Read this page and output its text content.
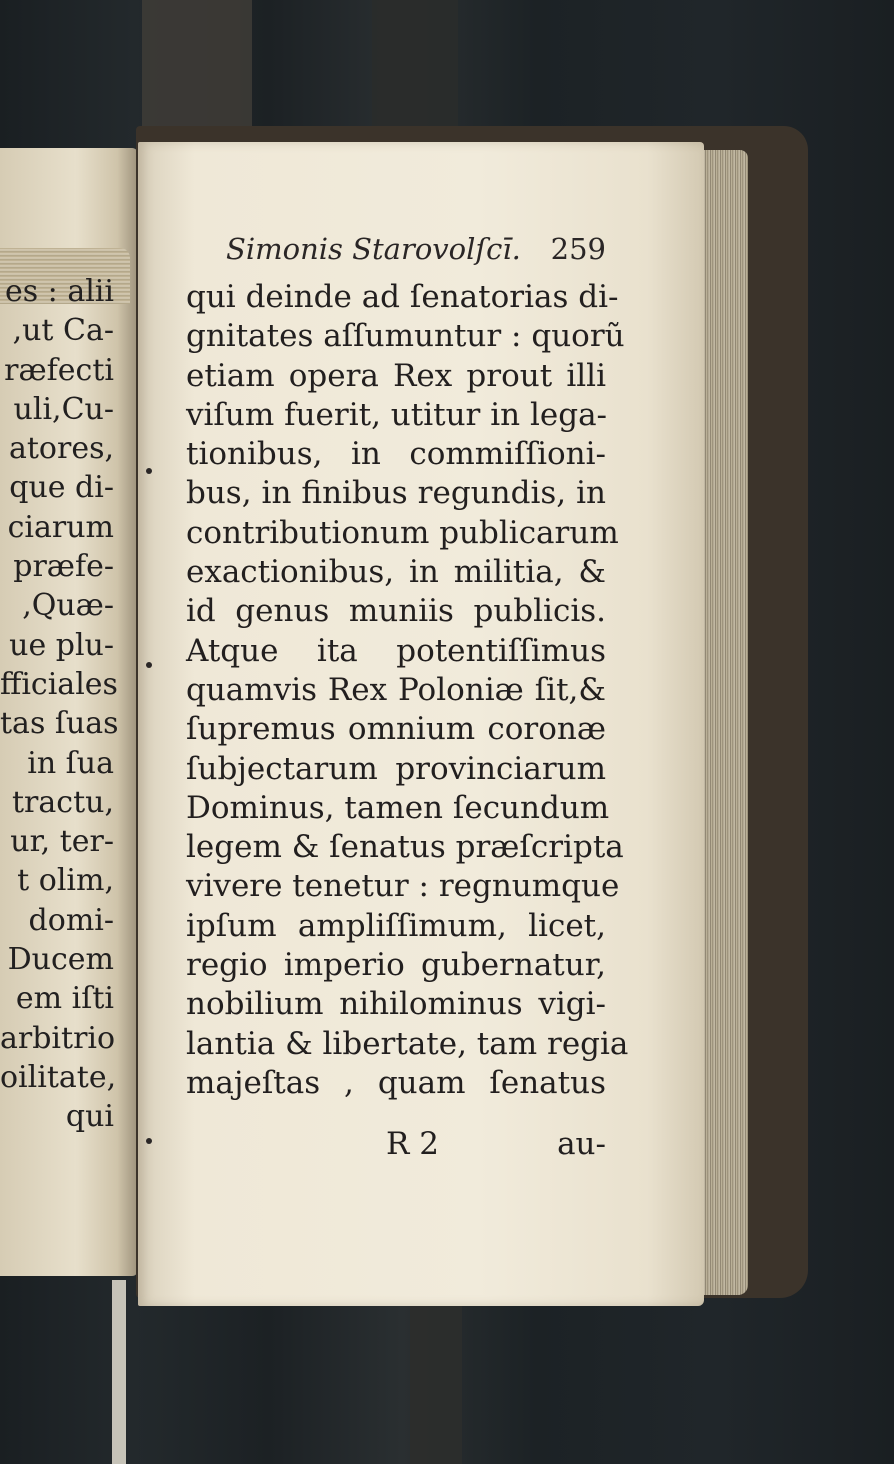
es : alii
,ut Ca-
ræfecti
uli,Cu-
atores,
que di-
ciarum
præfe-
,Quæ-
ue plu-
fficiales
tas ſuas
in ſua
tractu,
ur, ter-
t olim,
domi-
Ducem
em iſti
arbitrio
oilitate,
qui
Simonis Starovolſcī. 259
qui deinde ad ſenatorias di-
gnitates aſſumuntur : quorũ
etiam opera Rex prout illi
viſum fuerit, utitur in lega-
tionibus, in commiſſioni-
bus, in finibus regundis, in
contributionum publicarum
exactionibus, in militia, &
id genus muniis publicis.
Atque ita potentiſſimus
quamvis Rex Poloniæ ſit,&
ſupremus omnium coronæ
ſubjectarum provinciarum
Dominus, tamen ſecundum
legem & ſenatus præſcripta
vivere tenetur : regnumque
ipſum ampliſſimum, licet,
regio imperio gubernatur,
nobilium nihilominus vigi-
lantia & libertate, tam regia
majeſtas , quam ſenatus
R 2	au-
